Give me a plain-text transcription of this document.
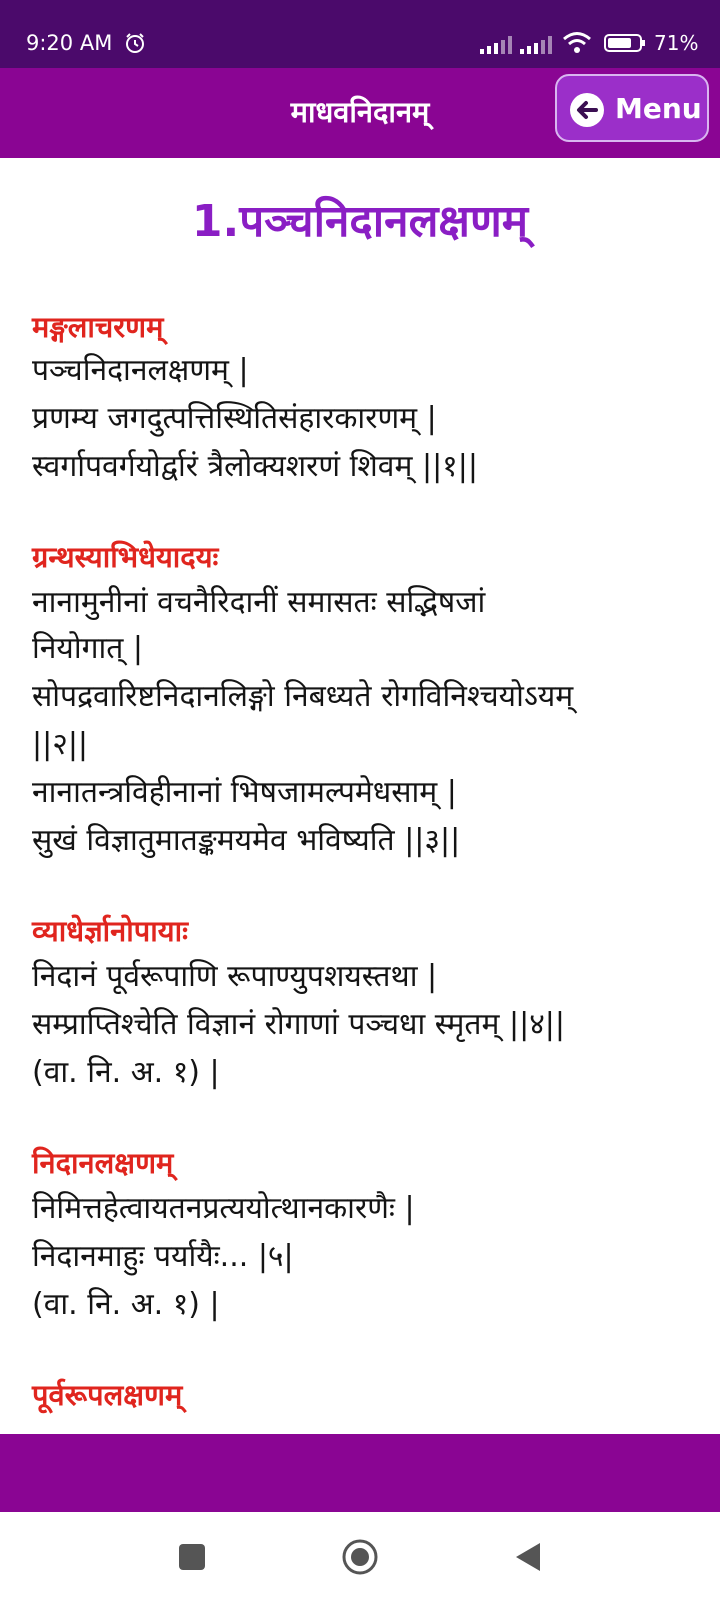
9:20 AM	71%
माधवनिदानम्	Menu
1.पञ्चनिदानलक्षणम्
मङ्गलाचरणम्
पञ्चनिदानलक्षणम् |
प्रणम्य जगदुत्पत्तिस्थितिसंहारकारणम् |
स्वर्गापवर्गयोर्द्वारं त्रैलोक्यशरणं शिवम् ||१||
ग्रन्थस्याभिधेयादयः
नानामुनीनां वचनैरिदानीं समासतः सद्भिषजां
नियोगात् |
सोपद्रवारिष्टनिदानलिङ्गो निबध्यते रोगविनिश्चयोऽयम्
||२||
नानातन्त्रविहीनानां भिषजामल्पमेधसाम् |
सुखं विज्ञातुमातङ्कमयमेव भविष्यति ||३||
व्याधेर्ज्ञानोपायाः
निदानं पूर्वरूपाणि रूपाण्युपशयस्तथा |
सम्प्राप्तिश्चेति विज्ञानं रोगाणां पञ्चधा स्मृतम् ||४||
(वा. नि. अ. १) |
निदानलक्षणम्
निमित्तहेत्वायतनप्रत्ययोत्थानकारणैः |
निदानमाहुः पर्यायैः... |५|
(वा. नि. अ. १) |
पूर्वरूपलक्षणम्
